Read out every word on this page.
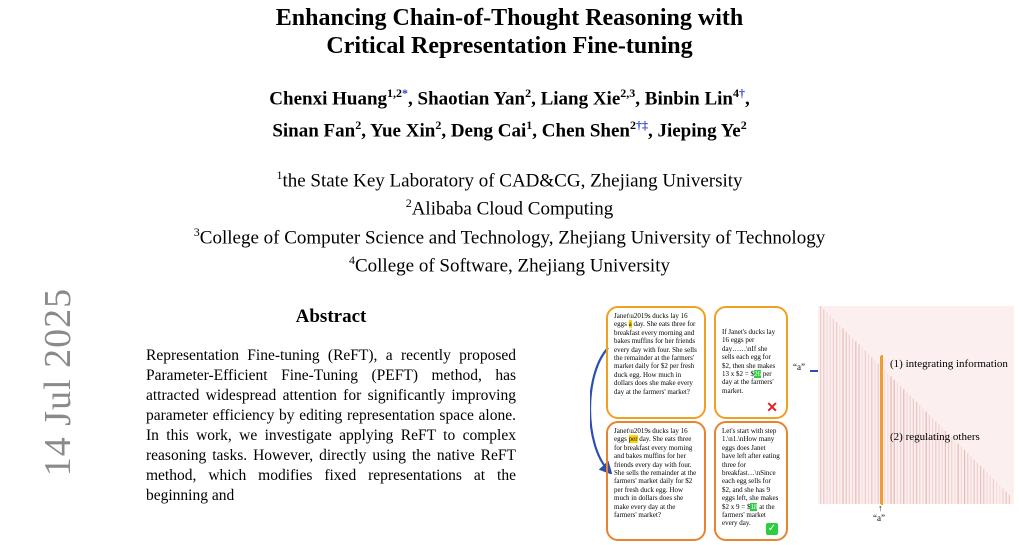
Enhancing Chain-of-Thought Reasoning with
Critical Representation Fine-tuning
Chenxi Huang$^{1,2*}$, Shaotian Yan$^2$, Liang Xie$^{2,3}$, Binbin Lin$^{4\dagger}$,
Sinan Fan$^2$, Yue Xin$^2$, Deng Cai$^1$, Chen Shen$^{2\dagger\ddagger}$, Jieping Ye$^2$
$^1$the State Key Laboratory of CAD&CG, Zhejiang University
$^2$Alibaba Cloud Computing
$^3$College of Computer Science and Technology, Zhejiang University of Technology
$^4$College of Software, Zhejiang University
14 Jul 2025	Abstract
Representation Fine-tuning (ReFT), a recently proposed Parameter-Efficient Fine-Tuning (PEFT) method, has attracted widespread attention for significantly improving parameter efficiency by editing representation space alone. In this work, we investigate applying ReFT to complex reasoning tasks. However, directly using the native ReFT method, which modifies fixed representations at the beginning and
Janet\u2019s ducks lay 16 eggs a day. She eats three for breakfast every morning and bakes muffins for her friends every day with four. She sells the remainder at the farmers' market daily for $2 per fresh duck egg. How much in dollars does she make every day at the farmers' market?
If Janet's ducks lay 16 eggs per day……\nIf she sells each egg for $2, then she makes 13 x $2 = $26 per day at the farmers' market.
✕
Janet\u2019s ducks lay 16 eggs per day. She eats three for breakfast every morning and bakes muffins for her friends every day with four. She sells the remainder at the farmers' market daily for $2 per fresh duck egg. How much in dollars does she make every day at the farmers' market?
Let's start with step 1.\n1.\nHow many eggs does Janet have left after eating three for breakfast…\nSince each egg sells for $2, and she has 9 eggs left, she makes $2 x 9 = $18 at the farmers' market every day. ✓
“a”	(1) integrating information
(2) regulating others
↑
“a”
